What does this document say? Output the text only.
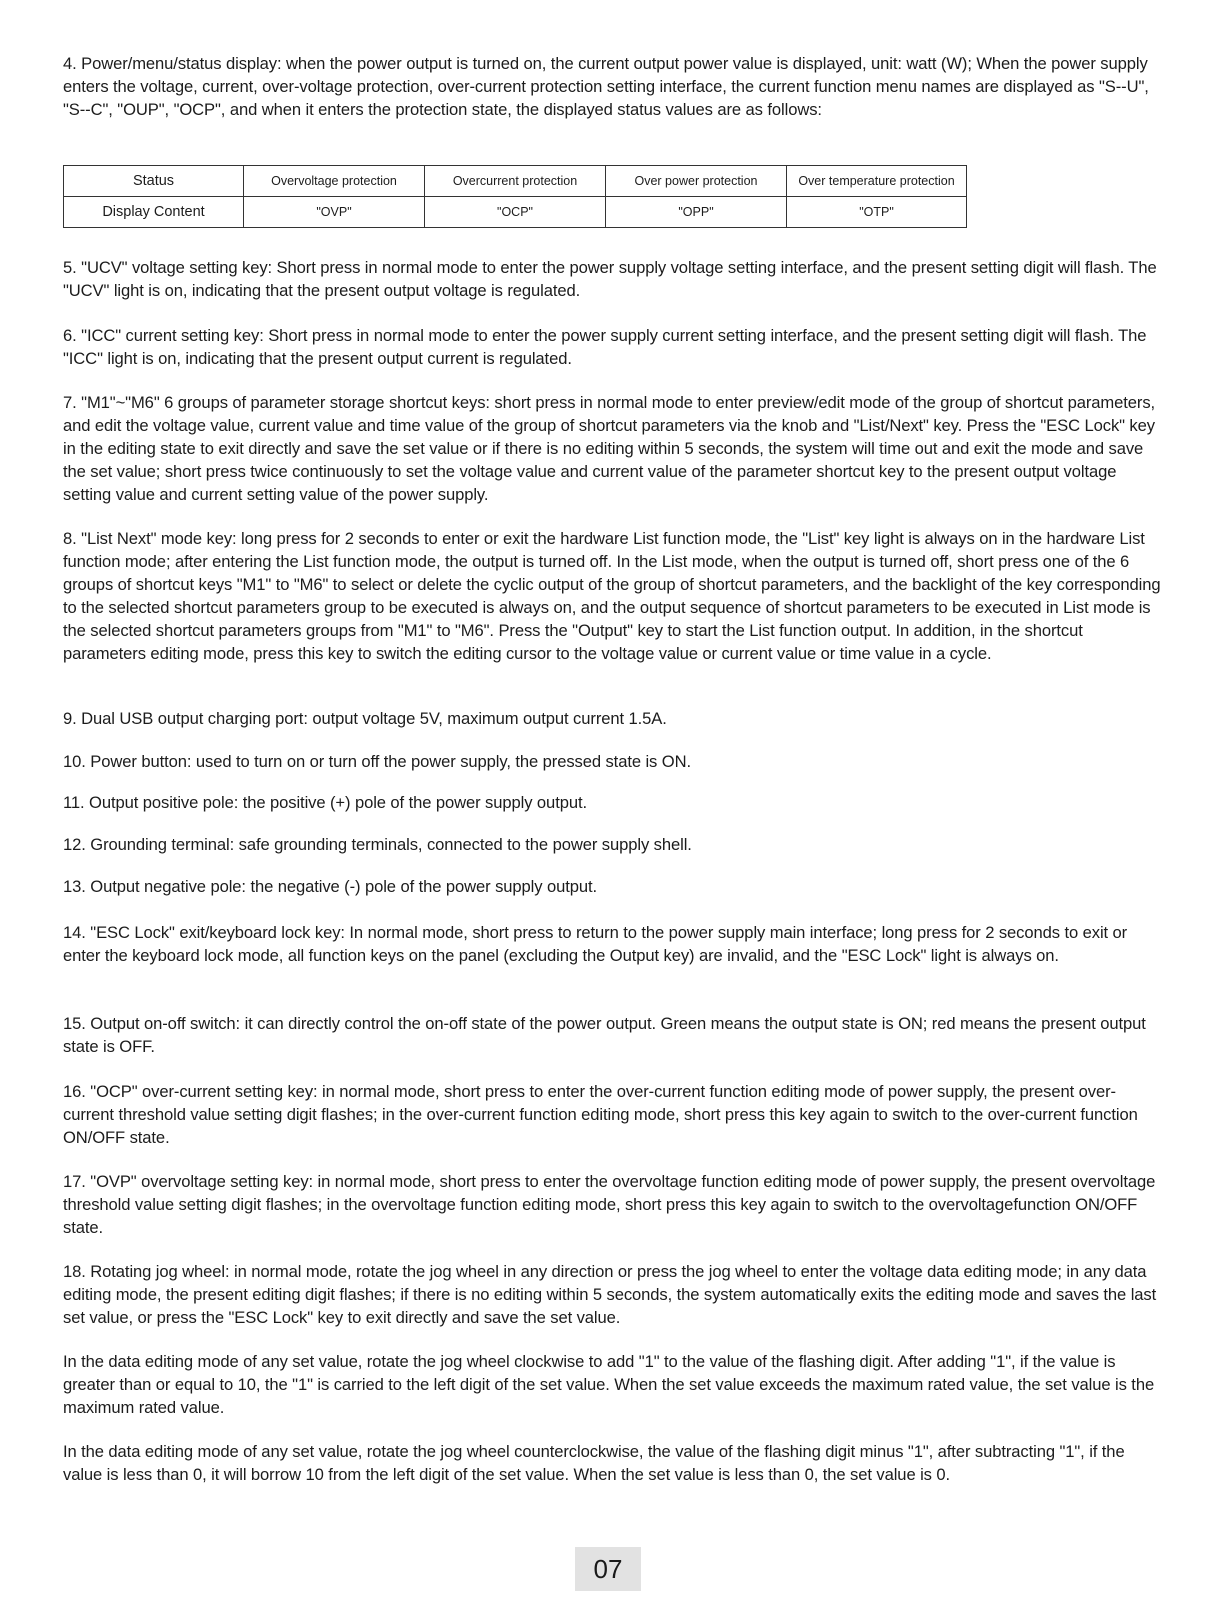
4. Power/menu/status display: when the power output is turned on, the current output power value is displayed, unit: watt (W); When the power supply enters the voltage, current, over-voltage protection, over-current protection setting interface, the current function menu names are displayed as "S--U", "S--C", "OUP", "OCP", and when it enters the protection state, the displayed status values are as follows:

Status	Overvoltage protection	Overcurrent protection	Over power protection	Over temperature protection
Display Content	"OVP"	"OCP"	"OPP"	"OTP"

5. "UCV" voltage setting key: Short press in normal mode to enter the power supply voltage setting interface, and the present setting digit will flash. The "UCV" light is on, indicating that the present output voltage is regulated.

6. "ICC" current setting key: Short press in normal mode to enter the power supply current setting interface, and the present setting digit will flash. The "ICC" light is on, indicating that the present output current is regulated.

7. "M1"~"M6" 6 groups of parameter storage shortcut keys: short press in normal mode to enter preview/edit mode of the group of shortcut parameters, and edit the voltage value, current value and time value of the group of shortcut parameters via the knob and "List/Next" key. Press the "ESC Lock" key in the editing state to exit directly and save the set value or if there is no editing within 5 seconds, the system will time out and exit the mode and save the set value; short press twice continuously to set the voltage value and current value of the parameter shortcut key to the present output voltage setting value and current setting value of the power supply.

8. "List Next" mode key: long press for 2 seconds to enter or exit the hardware List function mode, the "List" key light is always on in the hardware List function mode; after entering the List function mode, the output is turned off. In the List mode, when the output is turned off, short press one of the 6 groups of shortcut keys "M1" to "M6" to select or delete the cyclic output of the group of shortcut parameters, and the backlight of the key corresponding to the selected shortcut parameters group to be executed is always on, and the output sequence of shortcut parameters to be executed in List mode is the selected shortcut parameters groups from "M1" to "M6". Press the "Output" key to start the List function output. In addition, in the shortcut parameters editing mode, press this key to switch the editing cursor to the voltage value or current value or time value in a cycle.

9. Dual USB output charging port: output voltage 5V, maximum output current 1.5A.

10. Power button: used to turn on or turn off the power supply, the pressed state is ON.

11. Output positive pole: the positive (+) pole of the power supply output.

12. Grounding terminal: safe grounding terminals, connected to the power supply shell.

13. Output negative pole: the negative (-) pole of the power supply output.

14. "ESC Lock" exit/keyboard lock key: In normal mode, short press to return to the power supply main interface; long press for 2 seconds to exit or enter the keyboard lock mode, all function keys on the panel (excluding the Output key) are invalid, and the "ESC Lock" light is always on.

15. Output on-off switch: it can directly control the on-off state of the power output. Green means the output state is ON; red means the present output state is OFF.

16. "OCP" over-current setting key: in normal mode, short press to enter the over-current function editing mode of power supply, the present over-current threshold value setting digit flashes; in the over-current function editing mode, short press this key again to switch to the over-current function ON/OFF state.

17. "OVP" overvoltage setting key: in normal mode, short press to enter the overvoltage function editing mode of power supply, the present overvoltage threshold value setting digit flashes; in the overvoltage function editing mode, short press this key again to switch to the overvoltagefunction ON/OFF state.

18. Rotating jog wheel: in normal mode, rotate the jog wheel in any direction or press the jog wheel to enter the voltage data editing mode; in any data editing mode, the present editing digit flashes; if there is no editing within 5 seconds, the system automatically exits the editing mode and saves the last set value, or press the "ESC Lock" key to exit directly and save the set value.

In the data editing mode of any set value, rotate the jog wheel clockwise to add "1" to the value of the flashing digit. After adding "1", if the value is greater than or equal to 10, the "1" is carried to the left digit of the set value. When the set value exceeds the maximum rated value, the set value is the maximum rated value.

In the data editing mode of any set value, rotate the jog wheel counterclockwise, the value of the flashing digit minus "1", after subtracting "1", if the value is less than 0, it will borrow 10 from the left digit of the set value. When the set value is less than 0, the set value is 0.

07
